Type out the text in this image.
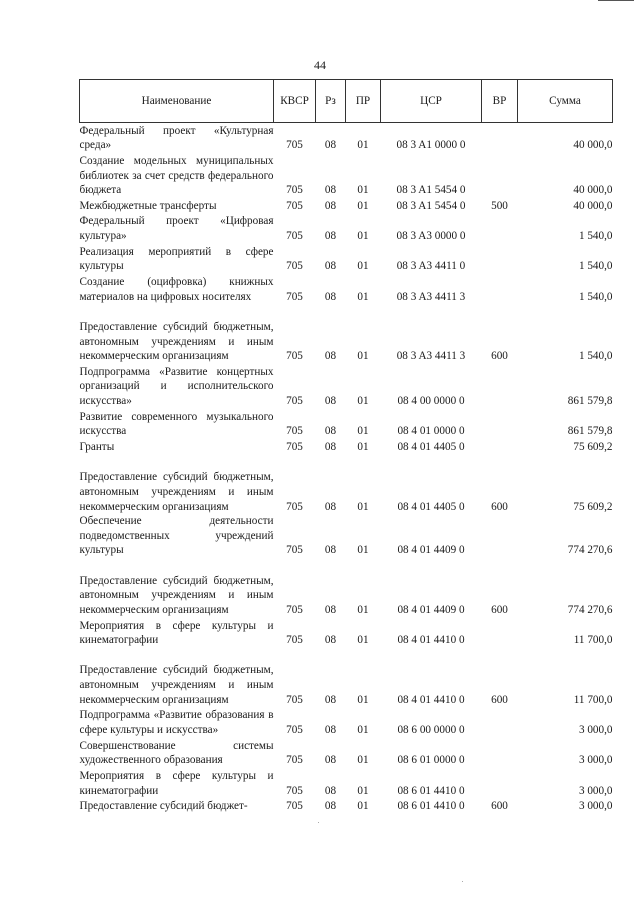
44
Наименование	КВСР	Рз	ПР	ЦСР	ВР	Сумма
Федеральный проект «Культурная среда»	705	08	01	08 3 A1 0000 0		40 000,0
Создание модельных муниципальных библиотек за счет средств федерального бюджета	705	08	01	08 3 A1 5454 0		40 000,0
Межбюджетные трансферты	705	08	01	08 3 A1 5454 0	500	40 000,0
Федеральный проект «Цифровая культура»	705	08	01	08 3 A3 0000 0		1 540,0
Реализация мероприятий в сфере культуры	705	08	01	08 3 A3 4411 0		1 540,0
Создание (оцифровка) книжных материалов на цифровых носителях	705	08	01	08 3 A3 4411 3		1 540,0
Предоставление субсидий бюджетным, автономным учреждениям и иным некоммерческим организациям	705	08	01	08 3 A3 4411 3	600	1 540,0
Подпрограмма «Развитие концертных организаций и исполнительского искусства»	705	08	01	08 4 00 0000 0		861 579,8
Развитие современного музыкального искусства	705	08	01	08 4 01 0000 0		861 579,8
Гранты	705	08	01	08 4 01 4405 0		75 609,2
Предоставление субсидий бюджетным, автономным учреждениям и иным некоммерческим организациям	705	08	01	08 4 01 4405 0	600	75 609,2
Обеспечение деятельности подведомственных учреждений культуры	705	08	01	08 4 01 4409 0		774 270,6
Предоставление субсидий бюджетным, автономным учреждениям и иным некоммерческим организациям	705	08	01	08 4 01 4409 0	600	774 270,6
Мероприятия в сфере культуры и кинематографии	705	08	01	08 4 01 4410 0		11 700,0
Предоставление субсидий бюджетным, автономным учреждениям и иным некоммерческим организациям	705	08	01	08 4 01 4410 0	600	11 700,0
Подпрограмма «Развитие образования в сфере культуры и искусства»	705	08	01	08 6 00 0000 0		3 000,0
Совершенствование системы художественного образования	705	08	01	08 6 01 0000 0		3 000,0
Мероприятия в сфере культуры и кинематографии	705	08	01	08 6 01 4410 0		3 000,0
Предоставление субсидий бюджет-	705	08	01	08 6 01 4410 0	600	3 000,0
